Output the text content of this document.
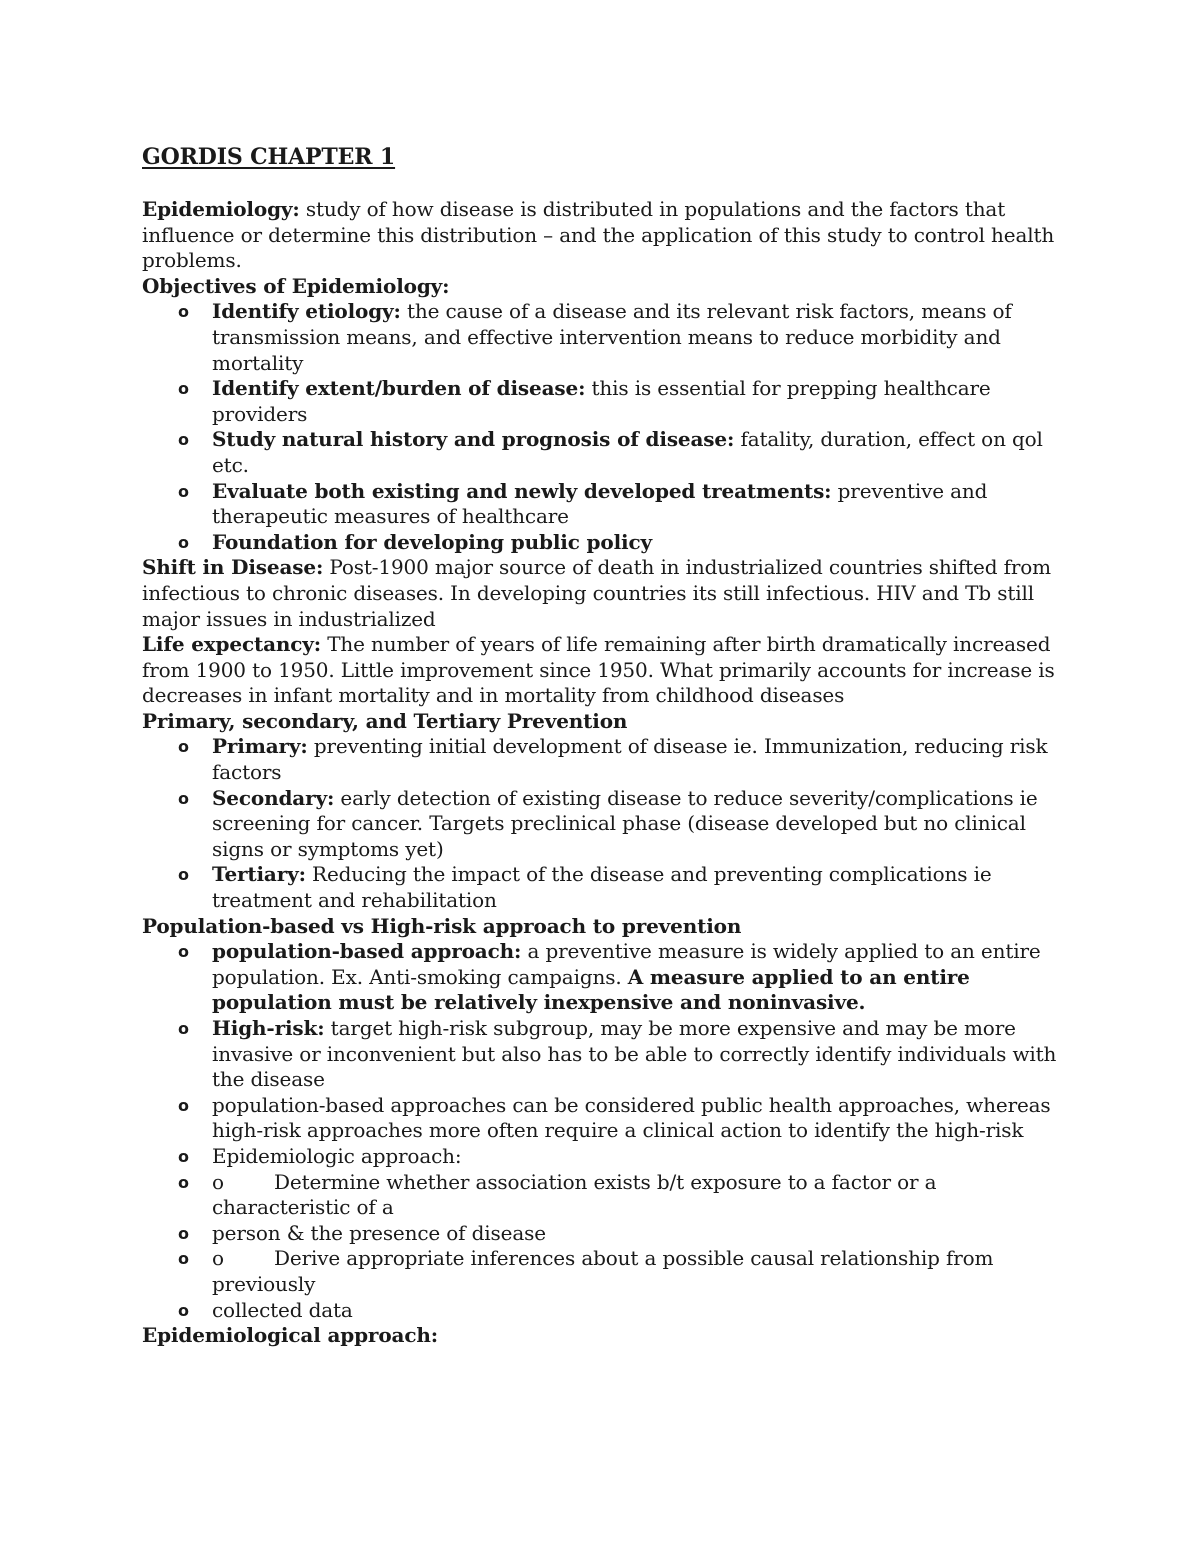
GORDIS CHAPTER 1

Epidemiology: study of how disease is distributed in populations and the factors that influence or determine this distribution – and the application of this study to control health problems.

Objectives of Epidemiology:

o Identify etiology: the cause of a disease and its relevant risk factors, means of transmission means, and effective intervention means to reduce morbidity and mortality
o Identify extent/burden of disease: this is essential for prepping healthcare providers
o Study natural history and prognosis of disease: fatality, duration, effect on qol etc.
o Evaluate both existing and newly developed treatments: preventive and therapeutic measures of healthcare
o Foundation for developing public policy

Shift in Disease: Post-1900 major source of death in industrialized countries shifted from infectious to chronic diseases. In developing countries its still infectious. HIV and Tb still major issues in industrialized

Life expectancy: The number of years of life remaining after birth dramatically increased from 1900 to 1950. Little improvement since 1950. What primarily accounts for increase is decreases in infant mortality and in mortality from childhood diseases

Primary, secondary, and Tertiary Prevention

o Primary: preventing initial development of disease ie. Immunization, reducing risk factors
o Secondary: early detection of existing disease to reduce severity/complications ie screening for cancer. Targets preclinical phase (disease developed but no clinical signs or symptoms yet)
o Tertiary: Reducing the impact of the disease and preventing complications ie treatment and rehabilitation

Population-based vs High-risk approach to prevention

o population-based approach: a preventive measure is widely applied to an entire population. Ex. Anti-smoking campaigns. A measure applied to an entire population must be relatively inexpensive and noninvasive.
o High-risk: target high-risk subgroup, may be more expensive and may be more invasive or inconvenient but also has to be able to correctly identify individuals with the disease
o population-based approaches can be considered public health approaches, whereas high-risk approaches more often require a clinical action to identify the high-risk
o Epidemiologic approach:
o o	Determine whether association exists b/t exposure to a factor or a characteristic of a
o person & the presence of disease
o o	Derive appropriate inferences about a possible causal relationship from previously
o collected data

Epidemiological approach:
